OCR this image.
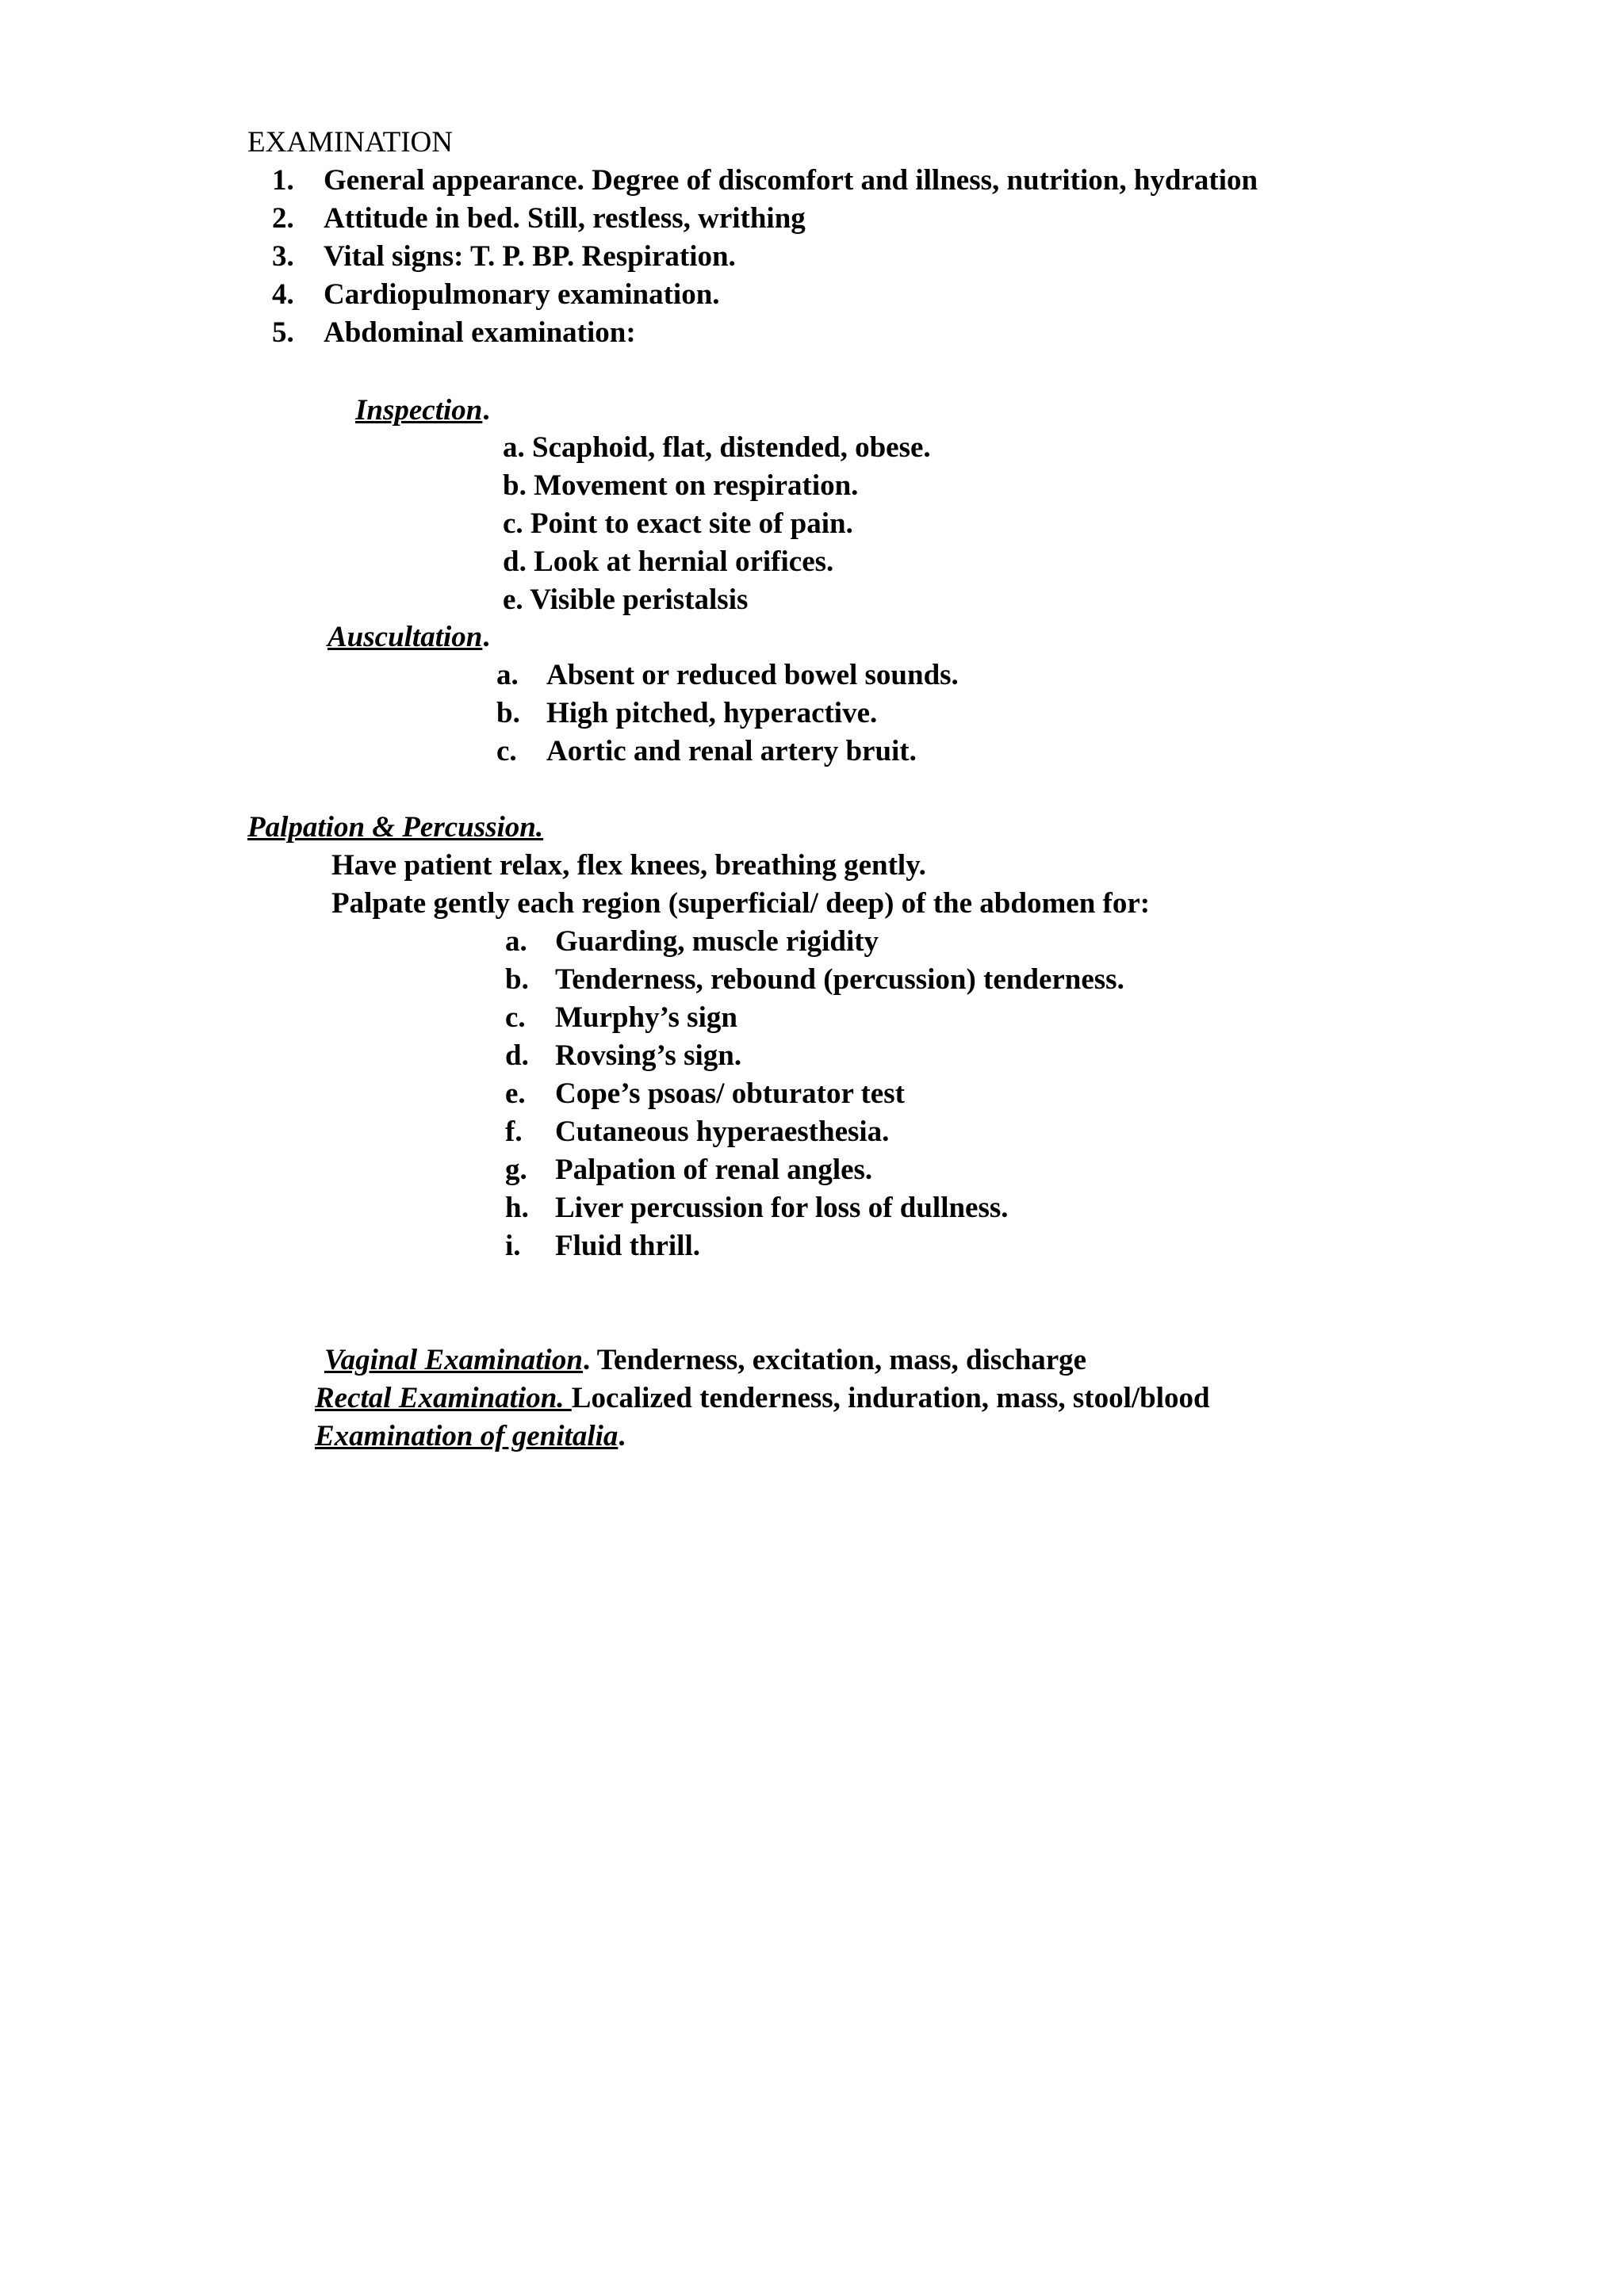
EXAMINATION
1. General appearance. Degree of discomfort and illness, nutrition, hydration
2. Attitude in bed. Still, restless, writhing
3. Vital signs: T. P. BP. Respiration.
4. Cardiopulmonary examination.
5. Abdominal examination:
Inspection.
a. Scaphoid, flat, distended, obese.
b. Movement on respiration.
c. Point to exact site of pain.
d. Look at hernial orifices.
e. Visible peristalsis
Auscultation.
a. Absent or reduced bowel sounds.
b. High pitched, hyperactive.
c. Aortic and renal artery bruit.
Palpation & Percussion.
Have patient relax, flex knees, breathing gently.
Palpate gently each region (superficial/ deep) of the abdomen for:
a. Guarding, muscle rigidity
b. Tenderness, rebound (percussion) tenderness.
c. Murphy’s sign
d. Rovsing’s sign.
e. Cope’s psoas/ obturator test
f. Cutaneous hyperaesthesia.
g. Palpation of renal angles.
h. Liver percussion for loss of dullness.
i. Fluid thrill.
Vaginal Examination. Tenderness, excitation, mass, discharge
Rectal Examination. Localized tenderness, induration, mass, stool/blood
Examination of genitalia.
